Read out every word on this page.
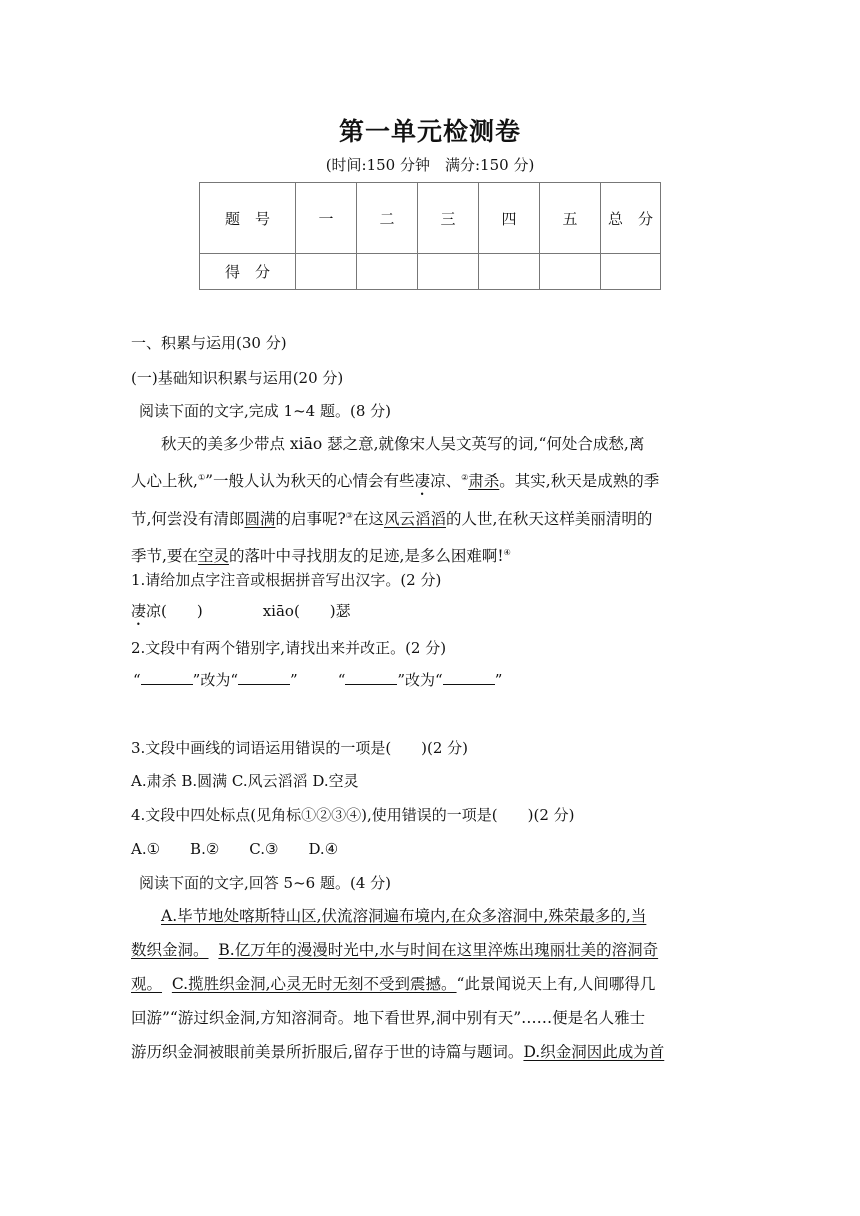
第一单元检测卷
(时间:150 分钟　满分:150 分)
题　号	一	二	三	四	五	总　分
得　分						
一、积累与运用(30 分)
(一)基础知识积累与运用(20 分)
阅读下面的文字,完成 1~4 题。(8 分)
秋天的美多少带点 xiāo 瑟之意,就像宋人吴文英写的词,“何处合成愁,离
人心上秋,①”一般人认为秋天的心情会有些凄凉、②肃杀。其实,秋天是成熟的季
节,何尝没有清郎圆满的启事呢?③在这风云滔滔的人世,在秋天这样美丽清明的
季节,要在空灵的落叶中寻找朋友的足迹,是多么困难啊!④
1.请给加点字注音或根据拼音写出汉字。(2 分)
凄凉(　　)　　　　xiāo(　　)瑟
2.文段中有两个错别字,请找出来并改正。(2 分)
“	”改为“	”	“	”改为“	”
3.文段中画线的词语运用错误的一项是(　　)(2 分)
A.肃杀 B.圆满 C.风云滔滔 D.空灵
4.文段中四处标点(见角标①②③④),使用错误的一项是(　　)(2 分)
A.①　　B.②　　C.③　　D.④
阅读下面的文字,回答 5~6 题。(4 分)
A.毕节地处喀斯特山区,伏流溶洞遍布境内,在众多溶洞中,殊荣最多的,当
数织金洞。 B.亿万年的漫漫时光中,水与时间在这里淬炼出瑰丽壮美的溶洞奇
观。 C.揽胜织金洞,心灵无时无刻不受到震撼。“此景闻说天上有,人间哪得几
回游”“游过织金洞,方知溶洞奇。地下看世界,洞中别有天”……便是名人雅士
游历织金洞被眼前美景所折服后,留存于世的诗篇与题词。D.织金洞因此成为首
